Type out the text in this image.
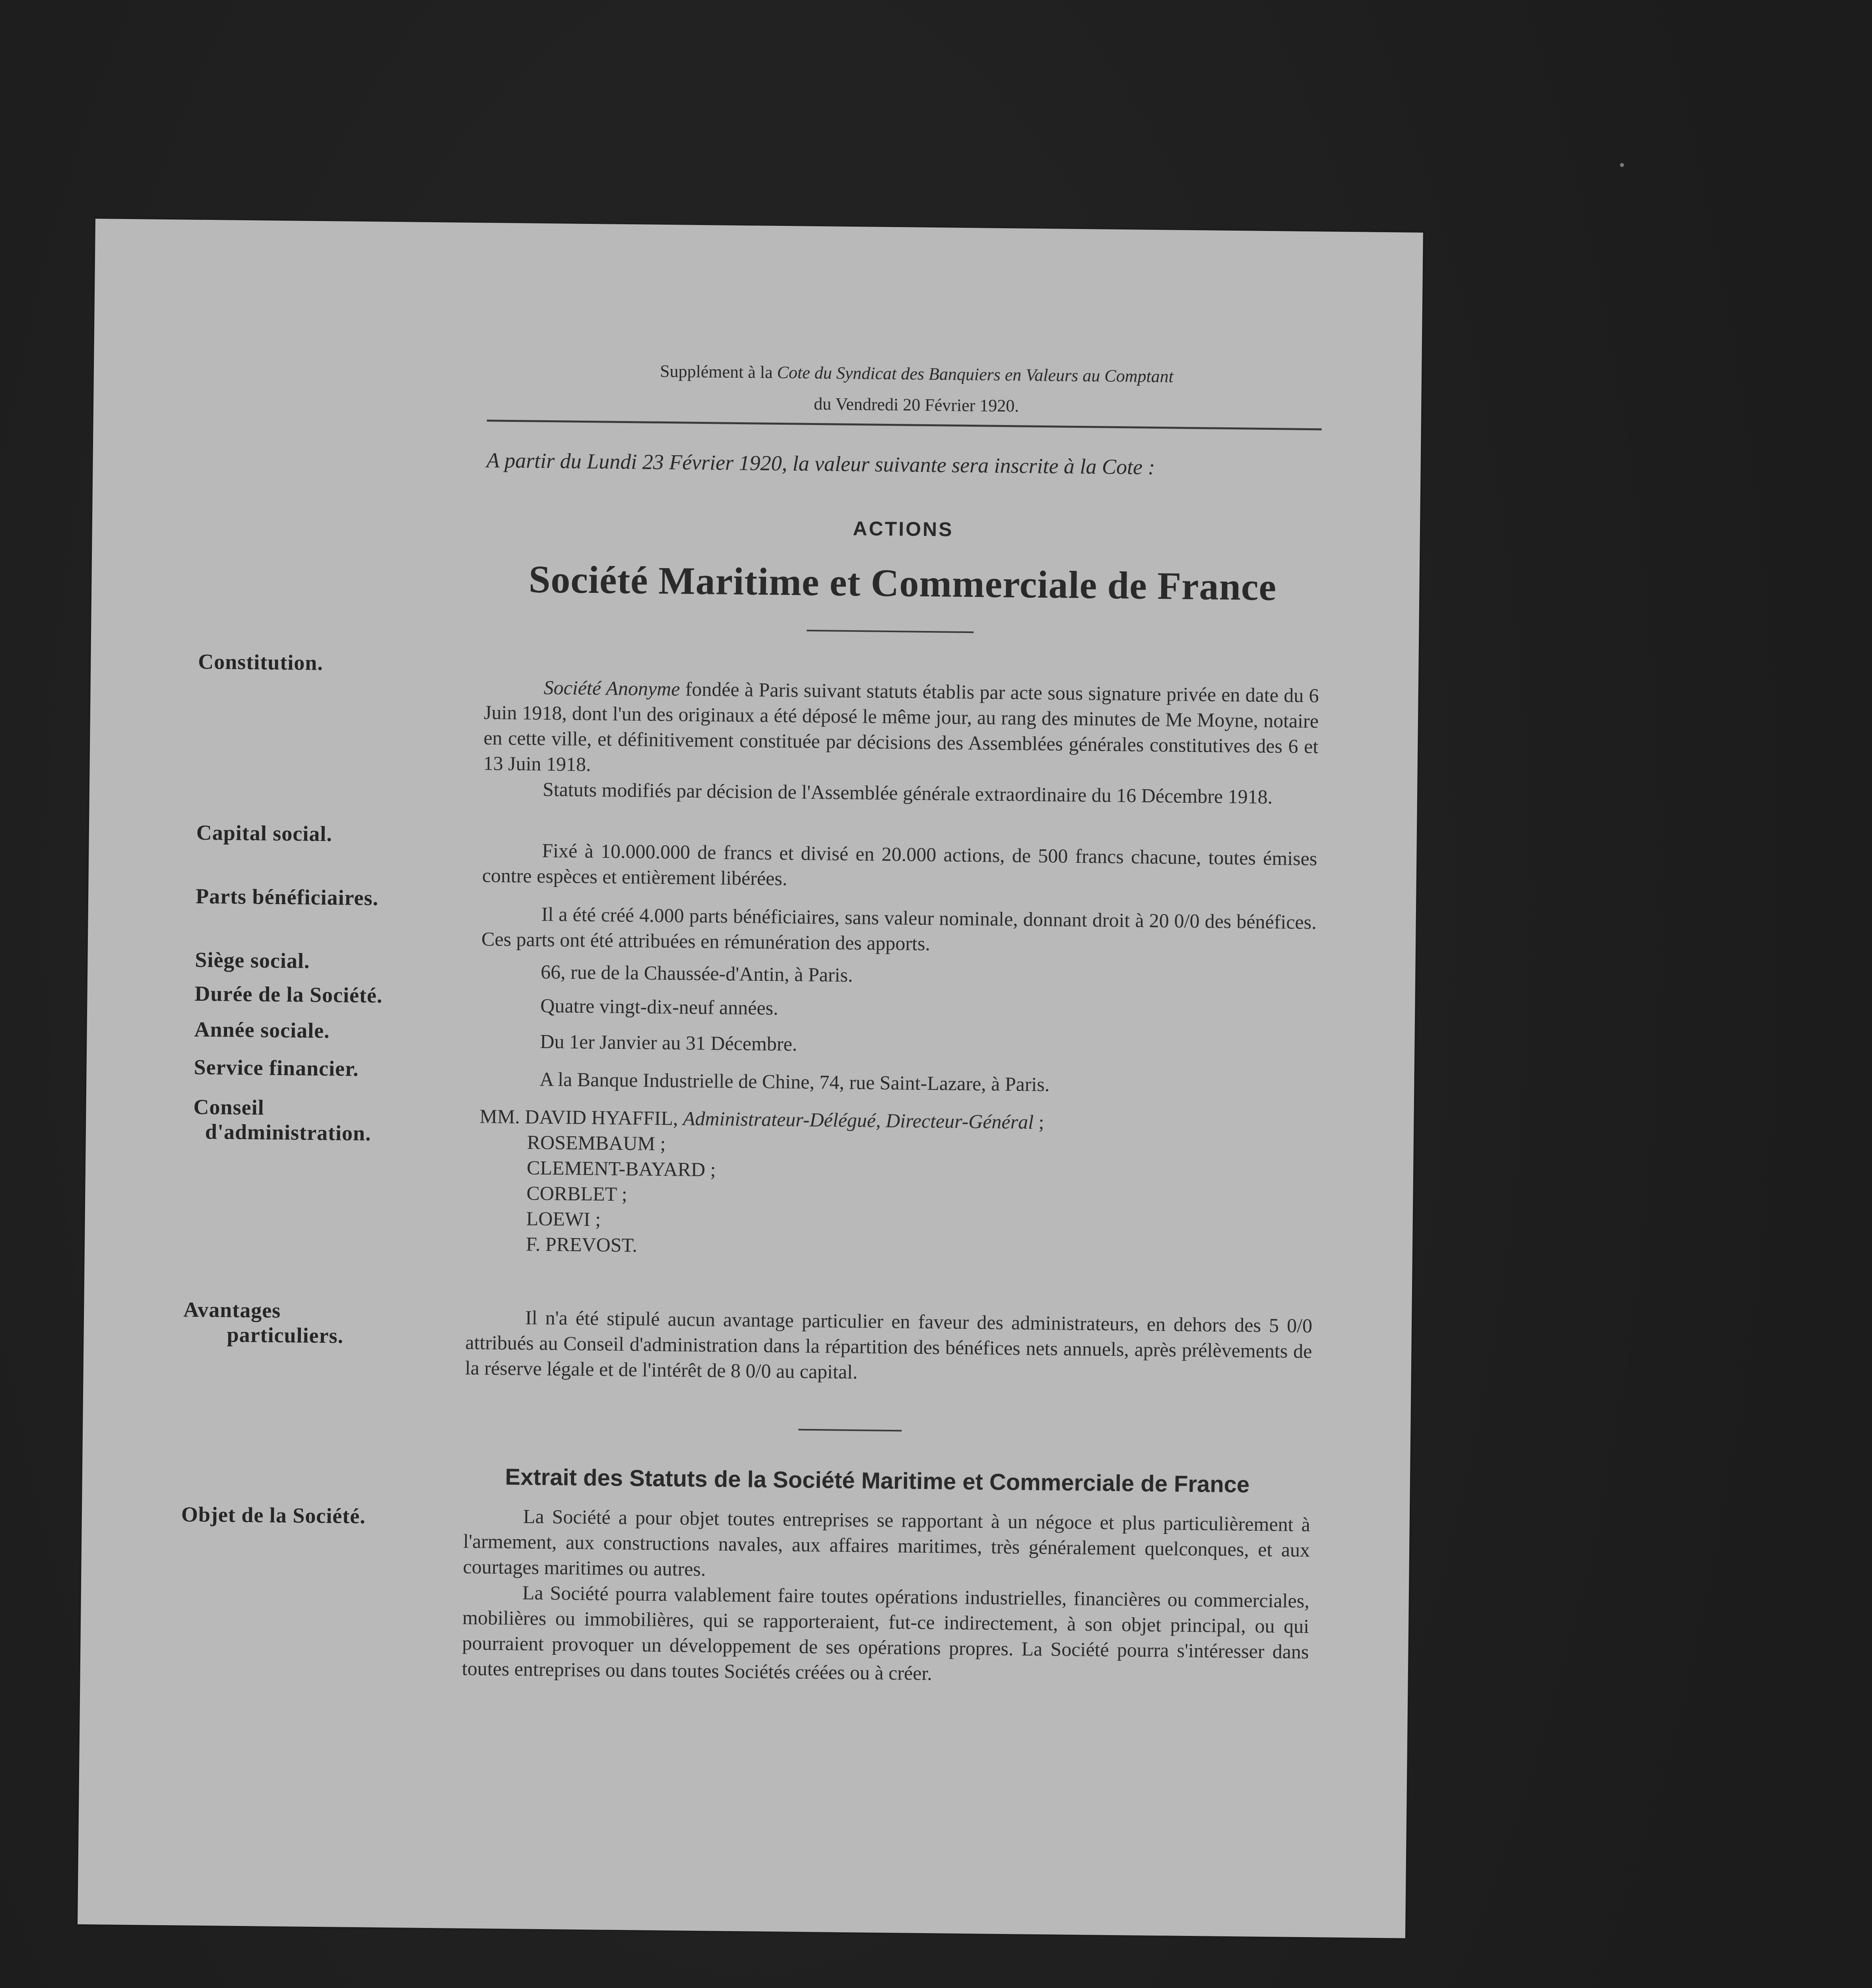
Supplément à la Cote du Syndicat des Banquiers en Valeurs au Comptant
du Vendredi 20 Février 1920.
A partir du Lundi 23 Février 1920, la valeur suivante sera inscrite à la Cote :
ACTIONS
Société Maritime et Commerciale de France
Constitution.

Société Anonyme fondée à Paris suivant statuts établis par acte sous signature privée en date du 6 Juin 1918, dont l'un des originaux a été déposé le même jour, au rang des minutes de Me Moyne, notaire en cette ville, et définitivement constituée par décisions des Assemblées générales constitutives des 6 et 13 Juin 1918.

Statuts modifiés par décision de l'Assemblée générale extraordinaire du 16 Décembre 1918.

Capital social.

Fixé à 10.000.000 de francs et divisé en 20.000 actions, de 500 francs chacune, toutes émises contre espèces et entièrement libérées.

Parts bénéficiaires.

Il a été créé 4.000 parts bénéficiaires, sans valeur nominale, donnant droit à 20 0/0 des bénéfices. Ces parts ont été attribuées en rémunération des apports.

Siège social.

66, rue de la Chaussée-d'Antin, à Paris.

Durée de la Société.	Quatre vingt-dix-neuf années.

Année sociale.	Du 1er Janvier au 31 Décembre.

Service financier.	A la Banque Industrielle de Chine, 74, rue Saint-Lazare, à Paris.

Conseil
d'administration.
MM. DAVID HYAFFIL, Administrateur-Délégué, Directeur-Général ;
ROSEMBAUM ;
CLEMENT-BAYARD ;
CORBLET ;
LOEWI ;
F. PREVOST.
Avantages
particuliers.	Il n'a été stipulé aucun avantage particulier en faveur des administrateurs, en dehors des 5 0/0 attribués au Conseil d'administration dans la répartition des bénéfices nets annuels, après prélèvements de la réserve légale et de l'intérêt de 8 0/0 au capital.

Extrait des Statuts de la Société Maritime et Commerciale de France
Objet de la Société.	La Société a pour objet toutes entreprises se rapportant à un négoce et plus particulièrement à l'armement, aux constructions navales, aux affaires maritimes, très généralement quelconques, et aux courtages maritimes ou autres.

La Société pourra valablement faire toutes opérations industrielles, financières ou commerciales, mobilières ou immobilières, qui se rapporteraient, fut-ce indirectement, à son objet principal, ou qui pourraient provoquer un développement de ses opérations propres. La Société pourra s'intéresser dans toutes entreprises ou dans toutes Sociétés créées ou à créer.
